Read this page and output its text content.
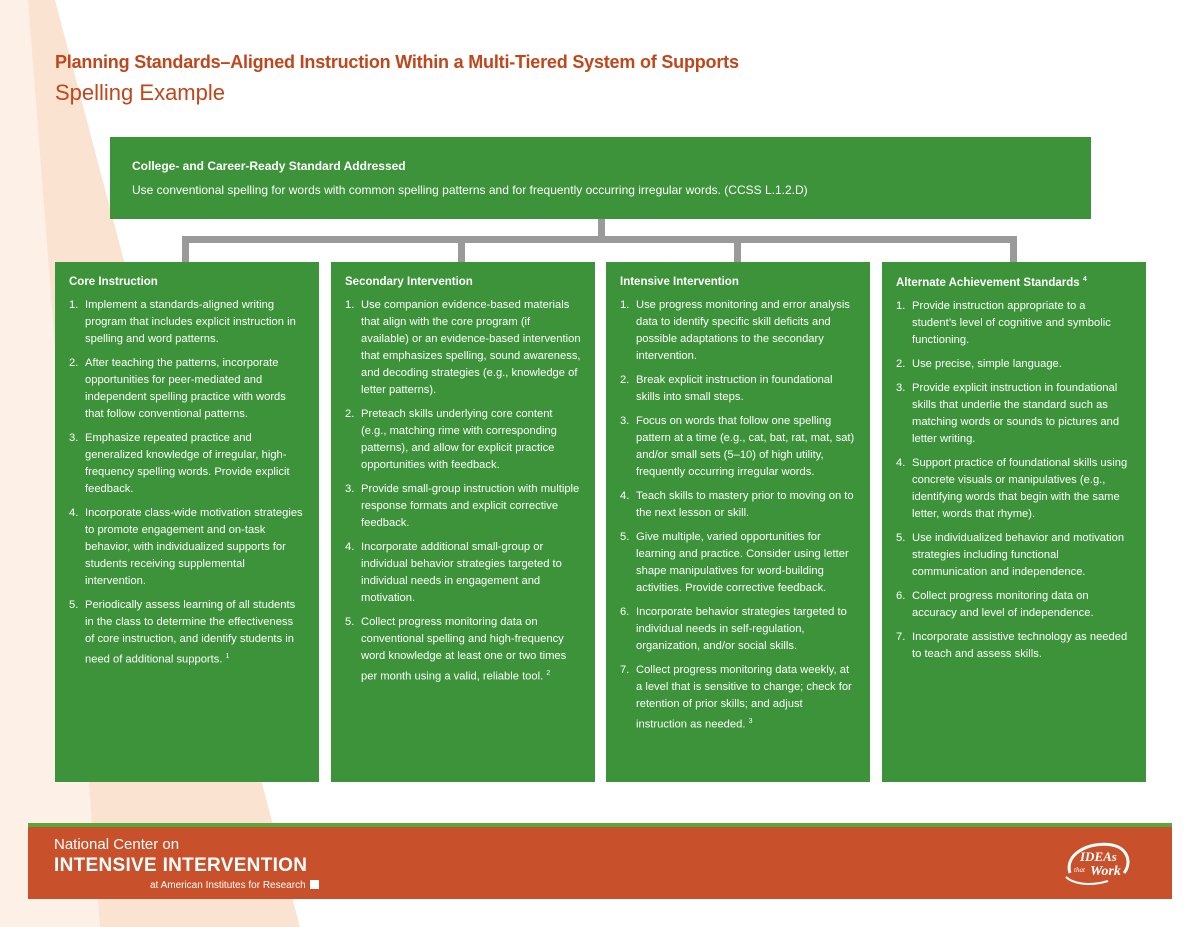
Planning Standards–Aligned Instruction Within a Multi-Tiered System of Supports
Spelling Example
College- and Career-Ready Standard Addressed
Use conventional spelling for words with common spelling patterns and for frequently occurring irregular words. (CCSS L.1.2.D)
Core Instruction
1. Implement a standards-aligned writing program that includes explicit instruction in spelling and word patterns.
2. After teaching the patterns, incorporate opportunities for peer-mediated and independent spelling practice with words that follow conventional patterns.
3. Emphasize repeated practice and generalized knowledge of irregular, high-frequency spelling words. Provide explicit feedback.
4. Incorporate class-wide motivation strategies to promote engagement and on-task behavior, with individualized supports for students receiving supplemental intervention.
5. Periodically assess learning of all students in the class to determine the effectiveness of core instruction, and identify students in need of additional supports. $^1$
Secondary Intervention
1. Use companion evidence-based materials that align with the core program (if available) or an evidence-based intervention that emphasizes spelling, sound awareness, and decoding strategies (e.g., knowledge of letter patterns).
2. Preteach skills underlying core content (e.g., matching rime with corresponding patterns), and allow for explicit practice opportunities with feedback.
3. Provide small-group instruction with multiple response formats and explicit corrective feedback.
4. Incorporate additional small-group or individual behavior strategies targeted to individual needs in engagement and motivation.
5. Collect progress monitoring data on conventional spelling and high-frequency word knowledge at least one or two times per month using a valid, reliable tool. $^2$
Intensive Intervention
1. Use progress monitoring and error analysis data to identify specific skill deficits and possible adaptations to the secondary intervention.
2. Break explicit instruction in foundational skills into small steps.
3. Focus on words that follow one spelling pattern at a time (e.g., cat, bat, rat, mat, sat) and/or small sets (5–10) of high utility, frequently occurring irregular words.
4. Teach skills to mastery prior to moving on to the next lesson or skill.
5. Give multiple, varied opportunities for learning and practice. Consider using letter shape manipulatives for word-building activities. Provide corrective feedback.
6. Incorporate behavior strategies targeted to individual needs in self-regulation, organization, and/or social skills.
7. Collect progress monitoring data weekly, at a level that is sensitive to change; check for retention of prior skills; and adjust instruction as needed. $^3$
Alternate Achievement Standards $^4$
1. Provide instruction appropriate to a student’s level of cognitive and symbolic functioning.
2. Use precise, simple language.
3. Provide explicit instruction in foundational skills that underlie the standard such as matching words or sounds to pictures and letter writing.
4. Support practice of foundational skills using concrete visuals or manipulatives (e.g., identifying words that begin with the same letter, words that rhyme).
5. Use individualized behavior and motivation strategies including functional communication and independence.
6. Collect progress monitoring data on accuracy and level of independence.
7. Incorporate assistive technology as needed to teach and assess skills.
National Center on
INTENSIVE INTERVENTION
at American Institutes for Research
IDEAs
that Work
